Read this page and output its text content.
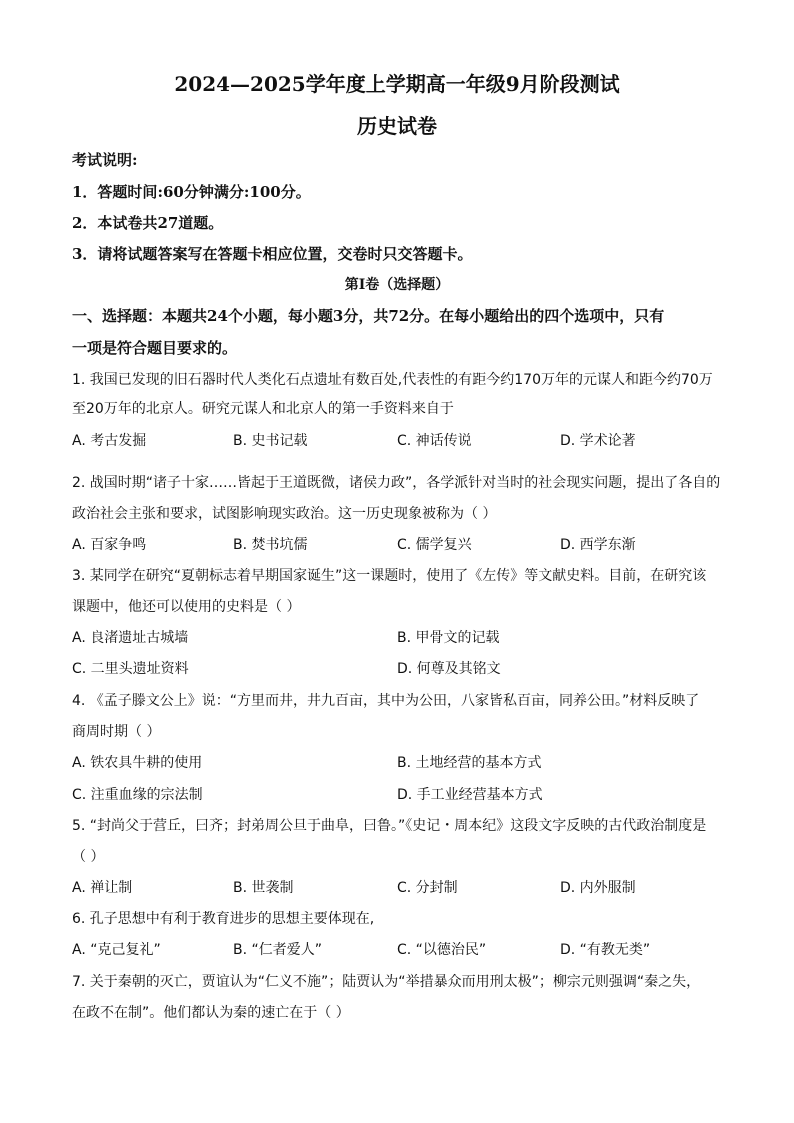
2024—2025学年度上学期高一年级9月阶段测试
历史试卷
考试说明:
1．答题时间:60分钟满分:100分。
2．本试卷共27道题。
3．请将试题答案写在答题卡相应位置，交卷时只交答题卡。
第Ⅰ卷（选择题）
一、选择题：本题共24个小题，每小题3分，共72分。在每小题给出的四个选项中，只有
一项是符合题目要求的。
1. 我国已发现的旧石器时代人类化石点遗址有数百处,代表性的有距今约170万年的元谋人和距今约70万
至20万年的北京人。研究元谋人和北京人的第一手资料来自于
A. 考古发掘	B. 史书记载	C. 神话传说	D. 学术论著
2. 战国时期“诸子十家……皆起于王道既微，诸侯力政”，各学派针对当时的社会现实问题，提出了各自的
政治社会主张和要求，试图影响现实政治。这一历史现象被称为（ ）
A. 百家争鸣	B. 焚书坑儒	C. 儒学复兴	D. 西学东渐
3. 某同学在研究“夏朝标志着早期国家诞生”这一课题时，使用了《左传》等文献史料。目前，在研究该
课题中，他还可以使用的史料是（ ）
A. 良渚遗址古城墙	B. 甲骨文的记载
C. 二里头遗址资料	D. 何尊及其铭文
4. 《孟子滕文公上》说：“方里而井，井九百亩，其中为公田，八家皆私百亩，同养公田。”材料反映了
商周时期（ ）
A. 铁农具牛耕的使用	B. 土地经营的基本方式
C. 注重血缘的宗法制	D. 手工业经营基本方式
5. “封尚父于营丘，曰齐；封弟周公旦于曲阜，曰鲁。”《史记・周本纪》这段文字反映的古代政治制度是
（ ）
A. 禅让制	B. 世袭制	C. 分封制	D. 内外服制
6. 孔子思想中有利于教育进步的思想主要体现在,
A. “克己复礼”	B. “仁者爱人”	C. “以德治民”	D. “有教无类”
7. 关于秦朝的灭亡，贾谊认为“仁义不施”；陆贾认为“举措暴众而用刑太极”；柳宗元则强调“秦之失，
在政不在制”。他们都认为秦的速亡在于（ ）
